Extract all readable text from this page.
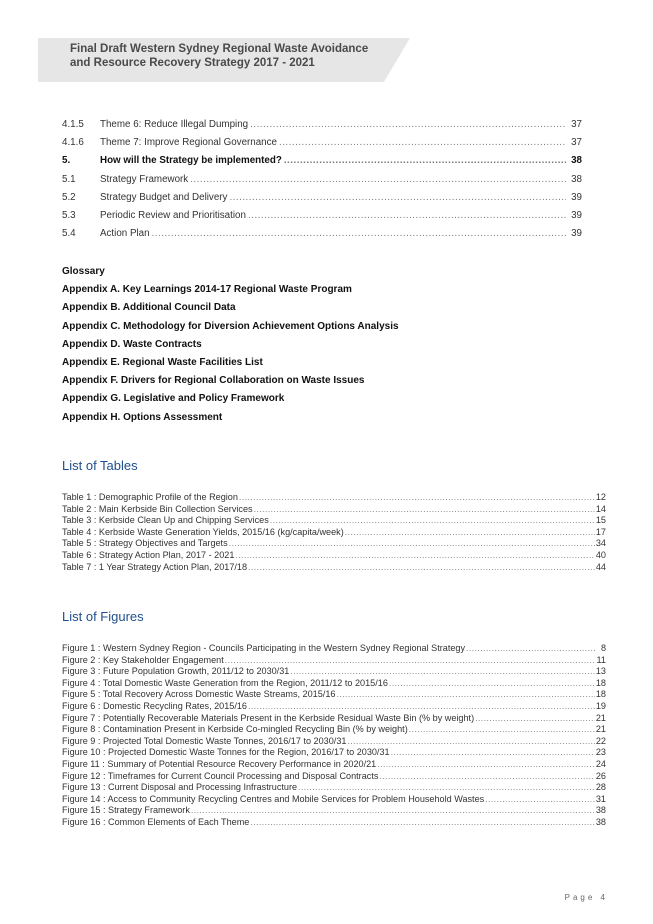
Final Draft Western Sydney Regional Waste Avoidance
and Resource Recovery Strategy 2017 - 2021
4.1.5	Theme 6: Reduce Illegal Dumping .....	37
4.1.6	Theme 7: Improve Regional Governance .....	37
5.	How will the Strategy be implemented? .....	38
5.1	Strategy Framework .....	38
5.2	Strategy Budget and Delivery .....	39
5.3	Periodic Review and Prioritisation .....	39
5.4	Action Plan .....	39
Glossary
Appendix A. Key Learnings 2014-17 Regional Waste Program
Appendix B. Additional Council Data
Appendix C. Methodology for Diversion Achievement Options Analysis
Appendix D. Waste Contracts
Appendix E. Regional Waste Facilities List
Appendix F. Drivers for Regional Collaboration on Waste Issues
Appendix G. Legislative and Policy Framework
Appendix H. Options Assessment
List of Tables
Table 1 : Demographic Profile of the Region .....	12
Table 2 : Main Kerbside Bin Collection Services .....	14
Table 3 : Kerbside Clean Up and Chipping Services .....	15
Table 4 : Kerbside Waste Generation Yields, 2015/16 (kg/capita/week) .....	17
Table 5 : Strategy Objectives and Targets .....	34
Table 6 : Strategy Action Plan, 2017 - 2021 .....	40
Table 7 : 1 Year Strategy Action Plan, 2017/18 .....	44
List of Figures
Figure 1 : Western Sydney Region - Councils Participating in the Western Sydney Regional Strategy .....	8
Figure 2 : Key Stakeholder Engagement .....	11
Figure 3 : Future Population Growth, 2011/12 to 2030/31 .....	13
Figure 4 : Total Domestic Waste Generation from the Region, 2011/12 to 2015/16 .....	18
Figure 5 : Total Recovery Across Domestic Waste Streams, 2015/16 .....	18
Figure 6 : Domestic Recycling Rates, 2015/16 .....	19
Figure 7 : Potentially Recoverable Materials Present in the Kerbside Residual Waste Bin (% by weight) .....	21
Figure 8 : Contamination Present in Kerbside Co-mingled Recycling Bin (% by weight) .....	21
Figure 9 : Projected Total Domestic Waste Tonnes, 2016/17 to 2030/31 .....	22
Figure 10 : Projected Domestic Waste Tonnes for the Region, 2016/17 to 2030/31 .....	23
Figure 11 : Summary of Potential Resource Recovery Performance in 2020/21 .....	24
Figure 12 : Timeframes for Current Council Processing and Disposal Contracts .....	26
Figure 13 : Current Disposal and Processing Infrastructure .....	28
Figure 14 : Access to Community Recycling Centres and Mobile Services for Problem Household Wastes .....	31
Figure 15 : Strategy Framework .....	38
Figure 16 : Common Elements of Each Theme .....	38
Page 4
